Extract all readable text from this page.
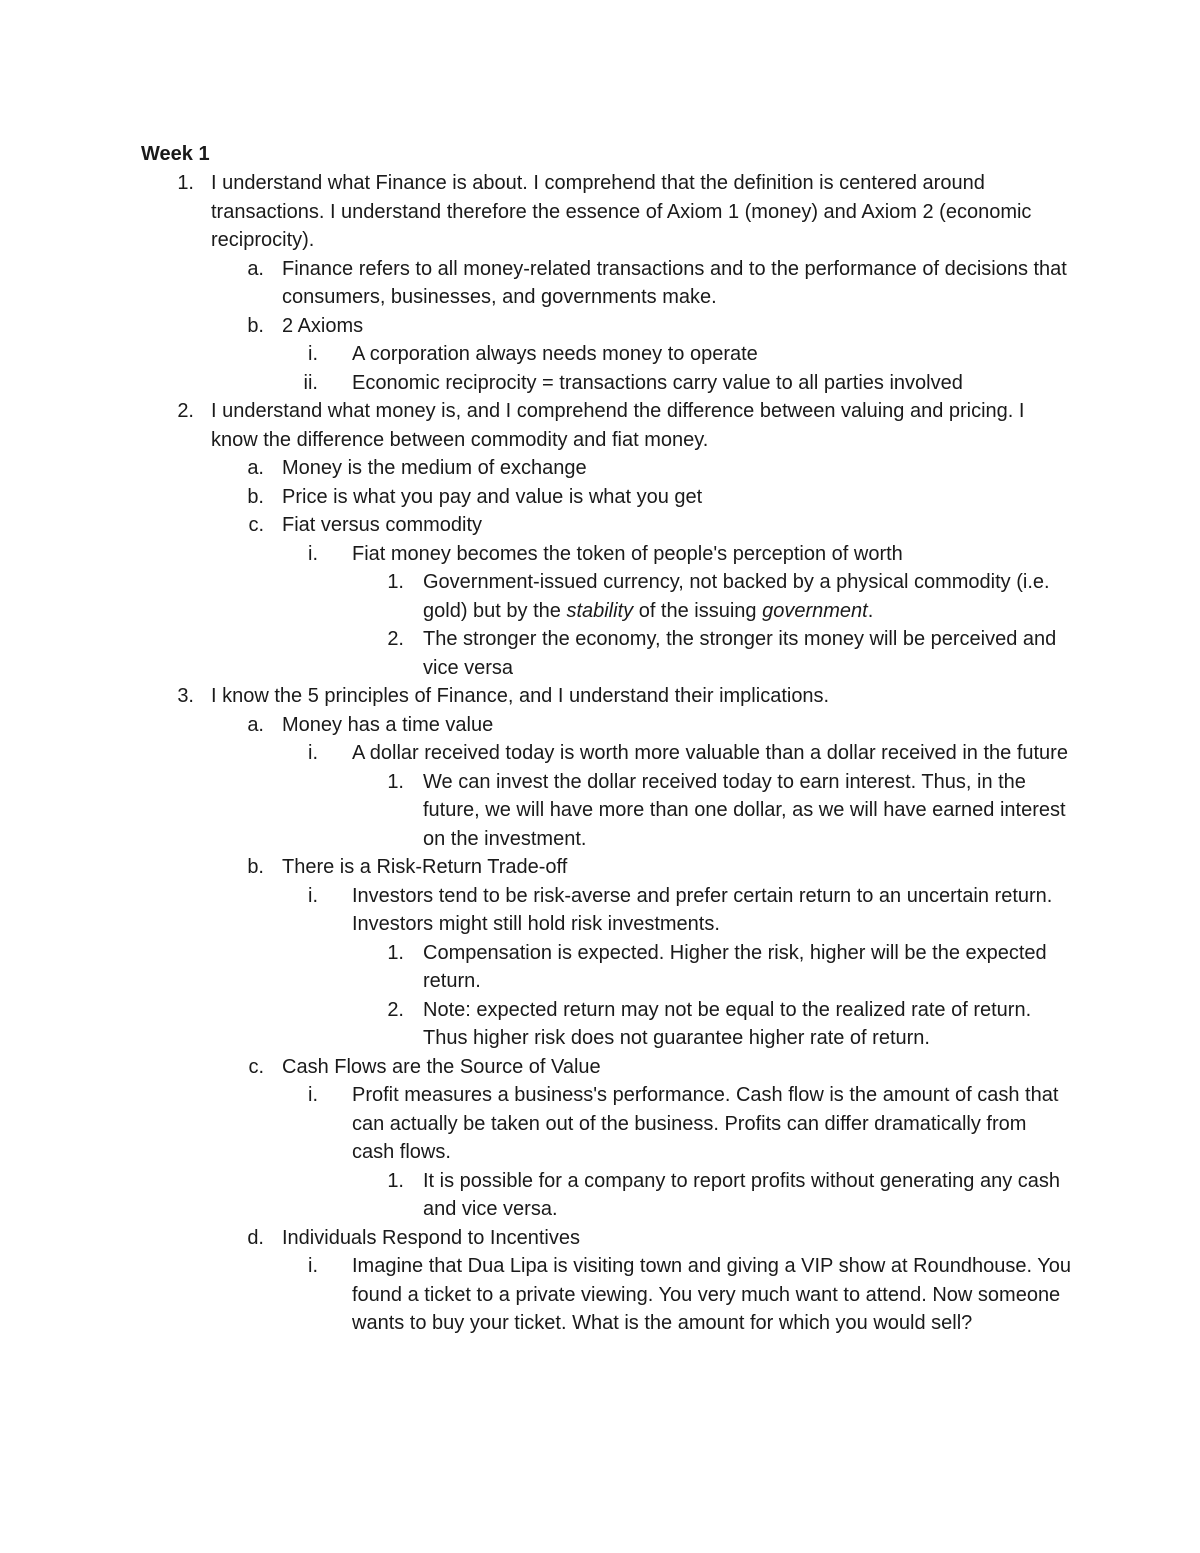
Week 1
1. I understand what Finance is about. I comprehend that the definition is centered around transactions. I understand therefore the essence of Axiom 1 (money) and Axiom 2 (economic reciprocity).
a. Finance refers to all money-related transactions and to the performance of decisions that consumers, businesses, and governments make.
b. 2 Axioms
i. A corporation always needs money to operate
ii. Economic reciprocity = transactions carry value to all parties involved
2. I understand what money is, and I comprehend the difference between valuing and pricing. I know the difference between commodity and fiat money.
a. Money is the medium of exchange
b. Price is what you pay and value is what you get
c. Fiat versus commodity
i. Fiat money becomes the token of people's perception of worth
1. Government-issued currency, not backed by a physical commodity (i.e. gold) but by the stability of the issuing government.
2. The stronger the economy, the stronger its money will be perceived and vice versa
3. I know the 5 principles of Finance, and I understand their implications.
a. Money has a time value
i. A dollar received today is worth more valuable than a dollar received in the future
1. We can invest the dollar received today to earn interest. Thus, in the future, we will have more than one dollar, as we will have earned interest on the investment.
b. There is a Risk-Return Trade-off
i. Investors tend to be risk-averse and prefer certain return to an uncertain return. Investors might still hold risk investments.
1. Compensation is expected. Higher the risk, higher will be the expected return.
2. Note: expected return may not be equal to the realized rate of return. Thus higher risk does not guarantee higher rate of return.
c. Cash Flows are the Source of Value
i. Profit measures a business's performance. Cash flow is the amount of cash that can actually be taken out of the business. Profits can differ dramatically from cash flows.
1. It is possible for a company to report profits without generating any cash and vice versa.
d. Individuals Respond to Incentives
i. Imagine that Dua Lipa is visiting town and giving a VIP show at Roundhouse. You found a ticket to a private viewing. You very much want to attend. Now someone wants to buy your ticket. What is the amount for which you would sell?
